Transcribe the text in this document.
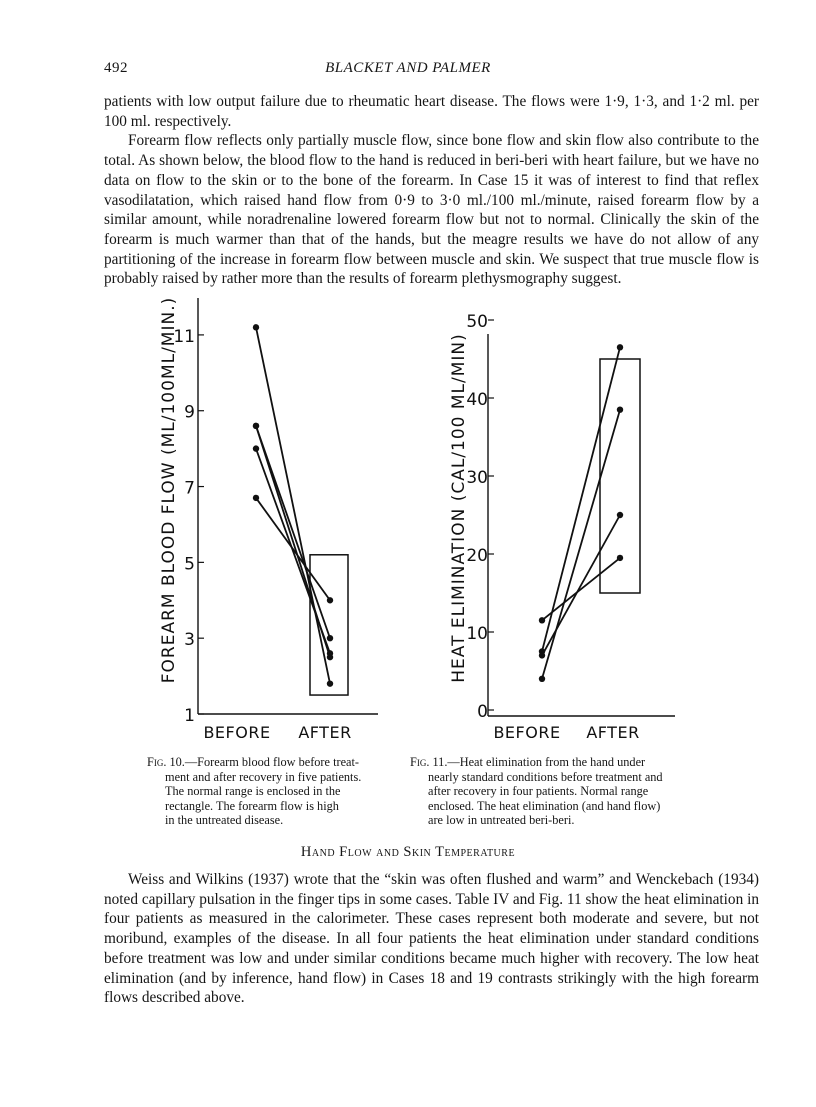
492	BLACKET AND PALMER

patients with low output failure due to rheumatic heart disease. The flows were 1·9, 1·3, and 1·2 ml. per 100 ml. respectively.

Forearm flow reflects only partially muscle flow, since bone flow and skin flow also contribute to the total. As shown below, the blood flow to the hand is reduced in beri-beri with heart failure, but we have no data on flow to the skin or to the bone of the forearm. In Case 15 it was of interest to find that reflex vasodilatation, which raised hand flow from 0·9 to 3·0 ml./100 ml./minute, raised forearm flow by a similar amount, while noradrenaline lowered forearm flow but not to normal. Clinically the skin of the forearm is much warmer than that of the hands, but the meagre results we have do not allow of any partitioning of the increase in forearm flow between muscle and skin. We suspect that true muscle flow is probably raised by rather more than the results of forearm plethysmography suggest.

1
3
5
7
9
11
FOREARM BLOOD FLOW (ML/100ML/MIN.)
BEFORE AFTER
0
10
20
30
40
50
HEAT ELIMINATION (CAL/100 ML/MIN)
BEFORE AFTER
Fig. 10.—Forearm blood flow before treat-
ment and after recovery in five patients.
The normal range is enclosed in the
rectangle. The forearm flow is high
in the untreated disease.
Fig. 11.—Heat elimination from the hand under
nearly standard conditions before treatment and
after recovery in four patients. Normal range
enclosed. The heat elimination (and hand flow)
are low in untreated beri-beri.
Hand Flow and Skin Temperature

Weiss and Wilkins (1937) wrote that the “skin was often flushed and warm” and Wenckebach (1934) noted capillary pulsation in the finger tips in some cases. Table IV and Fig. 11 show the heat elimination in four patients as measured in the calorimeter. These cases represent both moderate and severe, but not moribund, examples of the disease. In all four patients the heat elimination under standard conditions before treatment was low and under similar conditions became much higher with recovery. The low heat elimination (and by inference, hand flow) in Cases 18 and 19 contrasts strikingly with the high forearm flows described above.
